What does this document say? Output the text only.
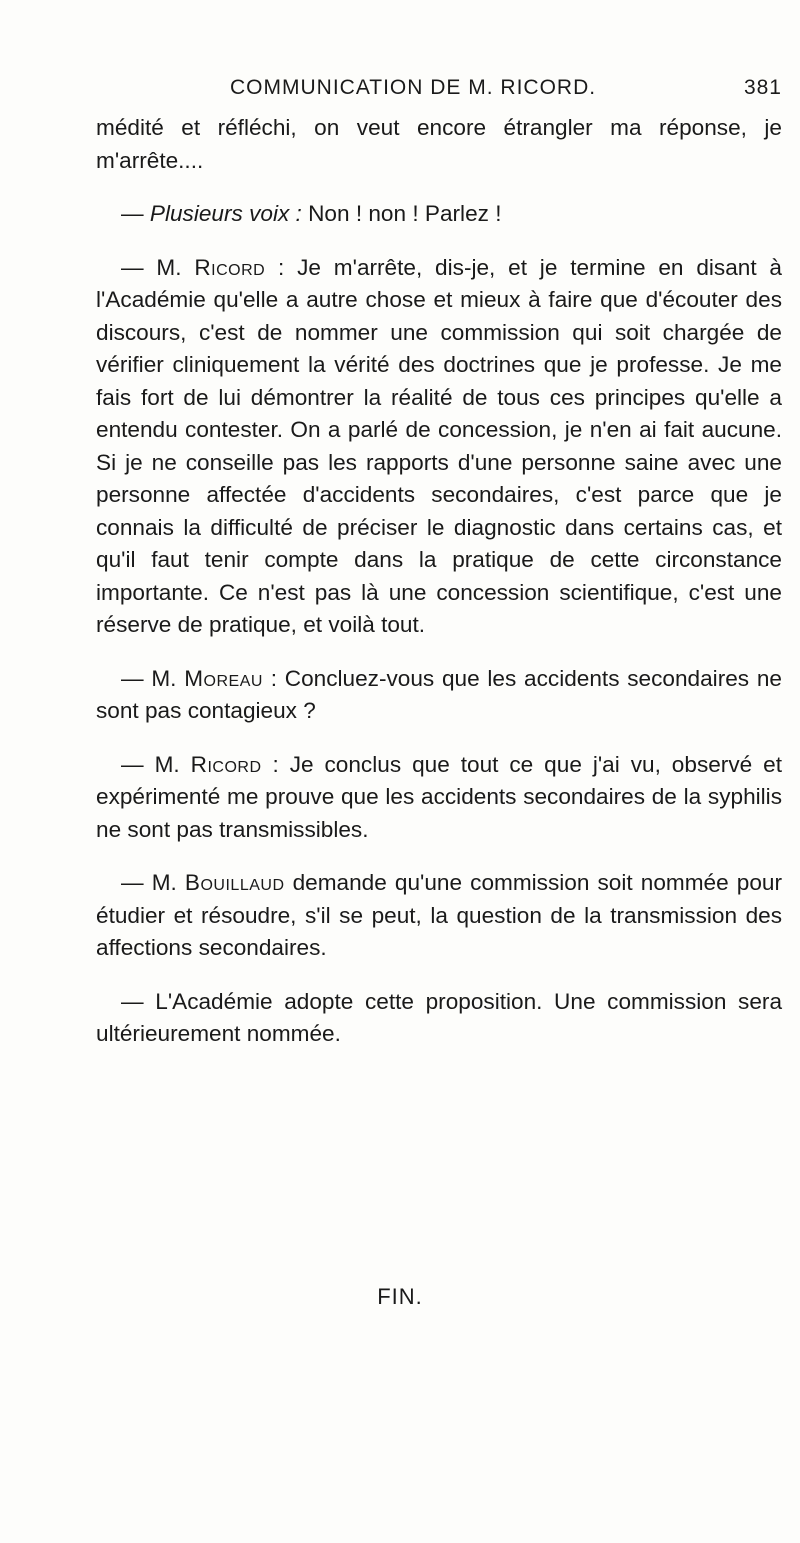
COMMUNICATION DE M. RICORD.	381

médité et réfléchi, on veut encore étrangler ma réponse, je m'arrête....

— Plusieurs voix : Non ! non ! Parlez !

— M. Ricord : Je m'arrête, dis-je, et je termine en disant à l'Académie qu'elle a autre chose et mieux à faire que d'écouter des discours, c'est de nommer une commission qui soit chargée de vérifier cliniquement la vérité des doctrines que je professe. Je me fais fort de lui démontrer la réalité de tous ces principes qu'elle a entendu contester. On a parlé de concession, je n'en ai fait aucune. Si je ne conseille pas les rapports d'une personne saine avec une personne affectée d'accidents secondaires, c'est parce que je connais la difficulté de préciser le diagnostic dans certains cas, et qu'il faut tenir compte dans la pratique de cette circonstance importante. Ce n'est pas là une concession scientifique, c'est une réserve de pratique, et voilà tout.

— M. Moreau : Concluez-vous que les accidents secondaires ne sont pas contagieux ?

— M. Ricord : Je conclus que tout ce que j'ai vu, observé et expérimenté me prouve que les accidents secondaires de la syphilis ne sont pas transmissibles.

— M. Bouillaud demande qu'une commission soit nommée pour étudier et résoudre, s'il se peut, la question de la transmission des affections secondaires.

— L'Académie adopte cette proposition. Une commission sera ultérieurement nommée.

FIN.
